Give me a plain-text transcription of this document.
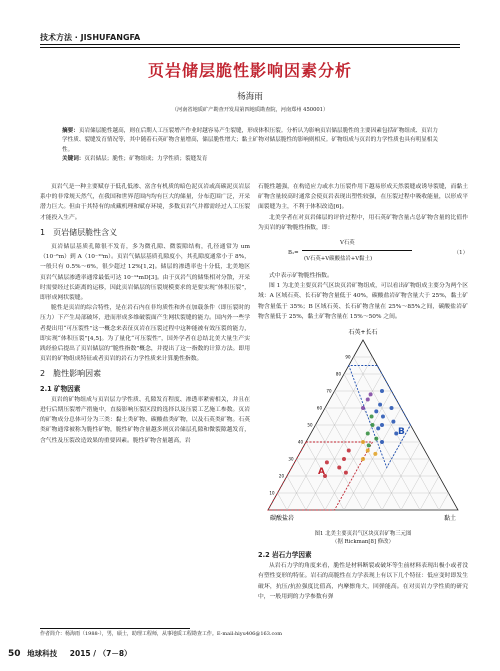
技术方法 · JISHUFANGFA
页岩储层脆性影响因素分析
杨海雨
（河南省地质矿产勘查开发局第四地质勘查院，河南郑州 450001）
摘要：页岩储层脆性越高，则在后期人工压裂增产作业时越容易产生裂缝，形成体积压裂。分析认为影响页岩储层脆性的主要因素包括矿物组成、页岩力学性质、裂缝发育情况等，其中随着石英矿物含量增高，储层脆性增大；黏土矿物对储层脆性的影响则相反。矿物组成与页岩的力学性质也具有明显相关性。
关键词：页岩储层；脆性；矿物组成；力学性质；裂缝发育

页岩气是一种主要赋存于低孔低渗、富含有机质的暗色泥页岩或高碳泥页岩层系中的非常规天然气，在我国和世界范围内均有巨大的储量，分布范围广泛，开采潜力巨大。但由于其特有的成藏机理和赋存环境，多数页岩气井都需经过人工压裂才能投入生产。

1　页岩储层脆性含义

页岩储层基质孔隙很不发育，多为微孔隙、微裂隙结构，孔径通常为 um（10⁻⁶m）到 A（10⁻¹⁰m）。页岩气储层基质孔隙度小，其孔隙度通常小于 8%，一般只有 0.5%～6%，很少超过 12%[1,2]。储层的渗透率也十分低，北美地区页岩气储层渗透率通常最低可达 10⁻¹⁴mD[3]。由于页岩气的储集相对分散，开采时需要经过长距离的运移，因此页岩储层的压裂规模要求的是要实现“体积压裂”，即形成网状裂缝。

脆性是页岩的综合特性，是在岩石内在非均质性和外在加载条件（即压裂时的压力）下产生局部破坏，进而形成多维破裂面产生网状裂缝的能力。国内外一些学者提出用“可压裂性”这一概念来表征页岩在压裂过程中这种能被有效压裂的能力，即实现“体积压裂”[4,5]。为了量化“可压裂性”，国外学者在总结北美大量生产实践经验后提出了页岩储层的“脆性指数”概念，并提出了这一指数的计算方法。即用页岩的矿物组成特征或者页岩的岩石力学性质来计算脆性指数。

2　脆性影响因素
2.1 矿物因素

页岩的矿物组成与页岩层力学性质、孔隙发育程度、渗透率紧密相关，并且在进行后期压裂增产措施中，直接影响压裂区段的选择以及压裂工艺施工参数。页岩的矿物成分总体可分为三类：黏土类矿物、碳酸盐类矿物，以及石英类矿物。石英类矿物通常被称为脆性矿物，脆性矿物含量越多则页岩储层孔隙和微裂隙越发育，含气性及压裂改造效果的重要因素。脆性矿物含量越高，岩

石脆性越强，在构造应力或水力压裂作用下越易形成天然裂缝或诱导裂缝，而黏土矿物含量较高时通常会使页岩表现出塑性较强，在压裂过程中吸收能量，以形成平面裂缝为主，不利于体积改造[6]。

北美学者在对页岩储层的评价过程中，用石英矿物含量占总矿物含量的比值作为页岩的矿物脆性指数，即：

B₁=
V石英
(V石英+V碳酸盐岩+V黏土)
（1）

式中表示矿物脆性指数。

图 1 为北美主要页岩气区块页岩矿物组成，可以看出矿物组成主要分为两个区域：A 区域石英、长石矿物含量低于 40%，碳酸盐岩矿物含量大于 25%，黏土矿物含量低于 35%；B 区域石英、长石矿物含量在 25%～85%之间，碳酸盐岩矿物含量低于 25%，黏土矿物含量在 15%～50% 之间。

10
20
30
40
50
60
70
80
90
石英+长石
碳酸盐岩	黏土
A
B
图1 北美主要页岩气区块页岩矿物三元图
（据 Rickman[8] 修改）
2.2 岩石力学因素

从岩石力学的角度来看，脆性是材料断裂或破坏等生前材料表现出极小或者没有塑性变形的特征。岩石的高脆性在力学表现上有以下几个特征：低应变时即发生破坏，抗压/抗拉强度比值高，内摩擦角大，回弹能高。在对页岩力学性质的研究中，一般用到的力学参数有弹

作者简介：杨海雨（1988-），男，硕士，助理工程师，从事地质工程勘查工作。E-mail:hiyu406@163.com
50 地球科技 2015 / （7－8）
